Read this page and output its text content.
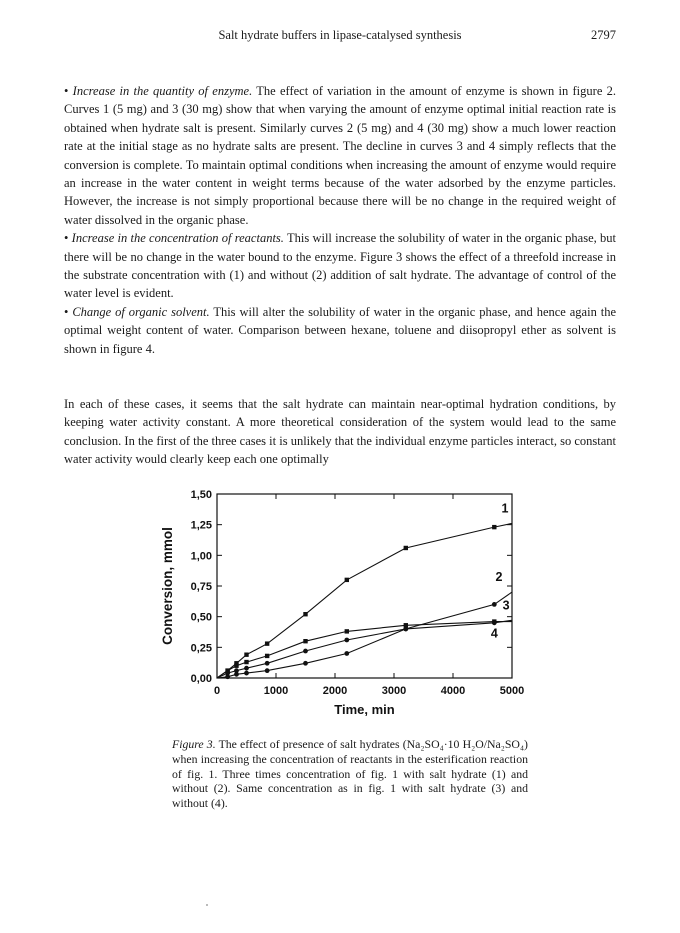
Salt hydrate buffers in lipase-catalysed synthesis	2797

• Increase in the quantity of enzyme. The effect of variation in the amount of enzyme is shown in figure 2. Curves 1 (5 mg) and 3 (30 mg) show that when varying the amount of enzyme optimal initial reaction rate is obtained when hydrate salt is present. Similarly curves 2 (5 mg) and 4 (30 mg) show a much lower reaction rate at the initial stage as no hydrate salts are present. The decline in curves 3 and 4 simply reflects that the conversion is complete. To maintain optimal conditions when increasing the amount of enzyme would require an increase in the water content in weight terms because of the water adsorbed by the enzyme particles. However, the increase is not simply proportional because there will be no change in the required weight of water dissolved in the organic phase.

• Increase in the concentration of reactants. This will increase the solubility of water in the organic phase, but there will be no change in the water bound to the enzyme. Figure 3 shows the effect of a threefold increase in the substrate concentration with (1) and without (2) addition of salt hydrate. The advantage of control of the water level is evident.

• Change of organic solvent. This will alter the solubility of water in the organic phase, and hence again the optimal weight content of water. Comparison between hexane, toluene and diisopropyl ether as solvent is shown in figure 4.

In each of these cases, it seems that the salt hydrate can maintain near-optimal hydration conditions, by keeping water activity constant. A more theoretical consideration of the system would lead to the same conclusion. In the first of the three cases it is unlikely that the individual enzyme particles interact, so constant water activity would clearly keep each one optimally

0,00
0,25
0,50
0,75
1,00
1,25
1,50
0	1000	2000	3000	4000	5000
Time, min
Conversion, mmol
1
2
3
4
Figure 3. The effect of presence of salt hydrates (Na₂SO₄·10 H₂O/Na₂SO₄) when increasing the concentration of reactants in the esterification reaction of fig. 1. Three times concentration of fig. 1 with salt hydrate (1) and without (2). Same concentration as in fig. 1 with salt hydrate (3) and without (4).
